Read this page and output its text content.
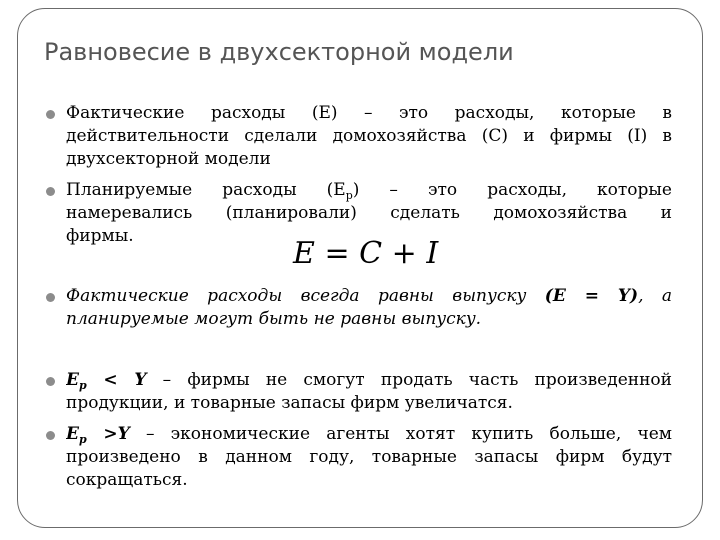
Равновесие в двухсекторной модели
Фактические расходы (Е) – это расходы, которые в
действительности сделали домохозяйства (С) и фирмы (I) в
двухсекторной модели
Планируемые расходы $(Е_р)$ – это расходы, которые
намеревались (планировали) сделать домохозяйства и
фирмы.	E = C + I
Фактические расходы всегда равны выпуску (Е = Y), а
планируемые могут быть не равны выпуску.
$Е_р < Y$ – фирмы не смогут продать часть произведенной
продукции, и товарные запасы фирм увеличатся.
$Е_р >Y$ – экономические агенты хотят купить больше, чем
произведено в данном году, товарные запасы фирм будут
сокращаться.
